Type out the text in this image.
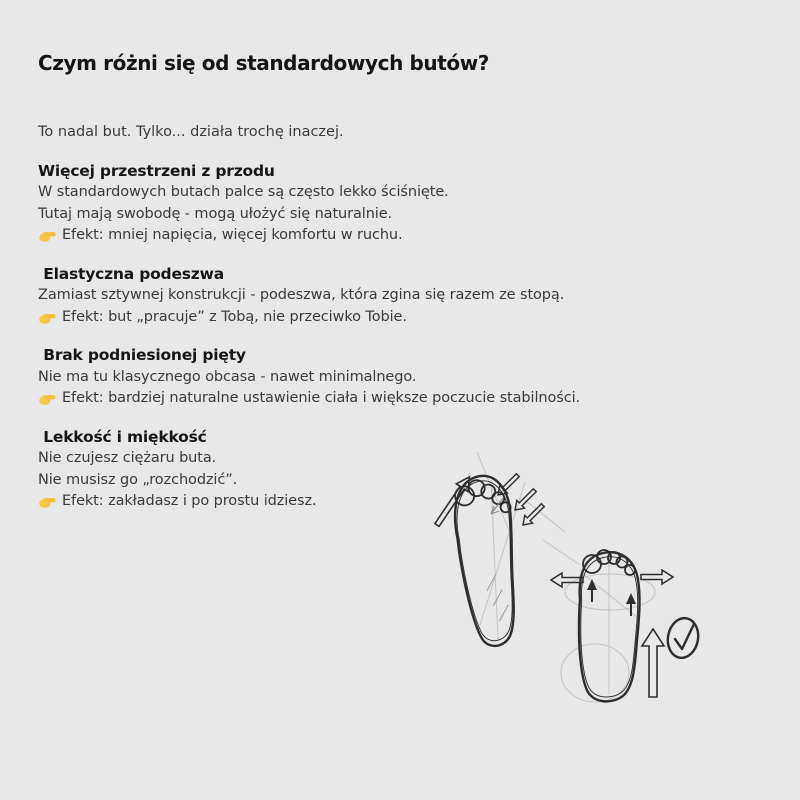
Czym różni się od standardowych butów?

To nadal but. Tylko... działa trochę inaczej.

Więcej przestrzeni z przodu

W standardowych butach palce są często lekko ściśnięte.

Tutaj mają swobodę - mogą ułożyć się naturalnie.

Efekt: mniej napięcia, więcej komfortu w ruchu.

Elastyczna podeszwa

Zamiast sztywnej konstrukcji - podeszwa, która zgina się razem ze stopą.

Efekt: but „pracuje” z Tobą, nie przeciwko Tobie.

Brak podniesionej pięty

Nie ma tu klasycznego obcasa - nawet minimalnego.

Efekt: bardziej naturalne ustawienie ciała i większe poczucie stabilności.

Lekkość i miękkość

Nie czujesz ciężaru buta.

Nie musisz go „rozchodzić”.

Efekt: zakładasz i po prostu idziesz.
